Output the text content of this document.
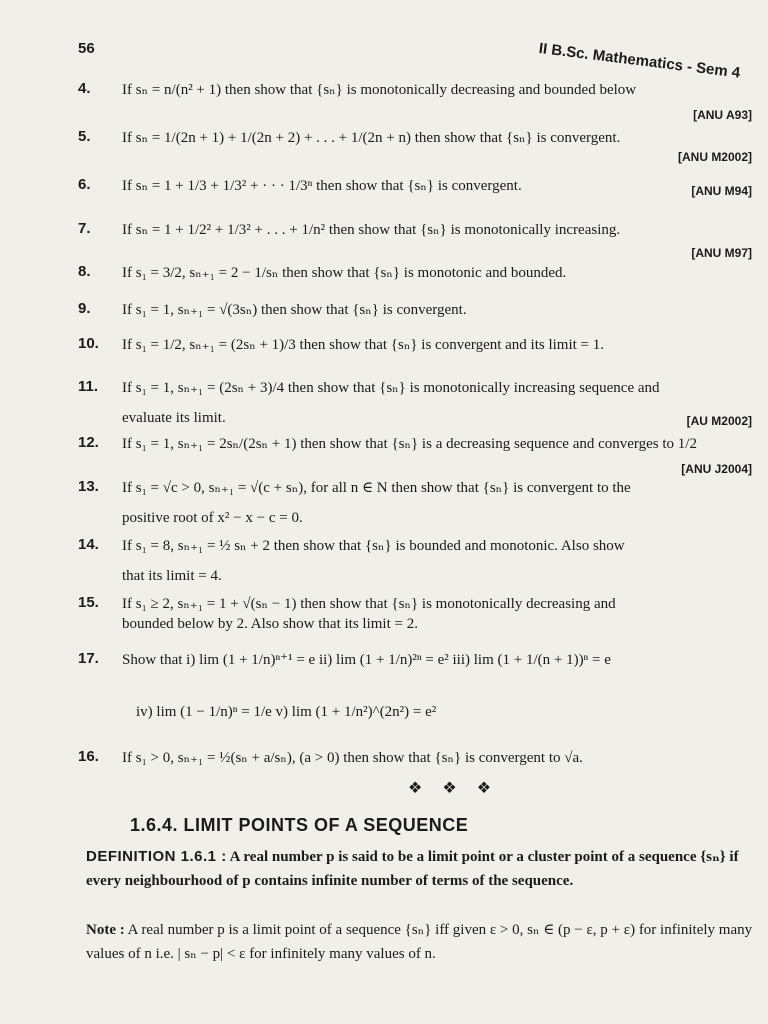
56	II B.Sc. Mathematics - Sem 4
4. If sₙ = n/(n² + 1) then show that {sₙ} is monotonically decreasing and bounded below
[ANU A93]
5. If sₙ = 1/(2n + 1) + 1/(2n + 2) + . . . + 1/(2n + n) then show that {sₙ} is convergent.
[ANU M2002]
6. If sₙ = 1 + 1/3 + 1/3² + · · · 1/3ⁿ then show that {sₙ} is convergent.	[ANU M94]
7. If sₙ = 1 + 1/2² + 1/3² + . . . + 1/n² then show that {sₙ} is monotonically increasing.
[ANU M97]
8. If s₁ = 3/2, sₙ₊₁ = 2 − 1/sₙ then show that {sₙ} is monotonic and bounded.
9. If s₁ = 1, sₙ₊₁ = √(3sₙ) then show that {sₙ} is convergent.
10. If s₁ = 1/2, sₙ₊₁ = (2sₙ + 1)/3 then show that {sₙ} is convergent and its limit = 1.
11. If s₁ = 1, sₙ₊₁ = (2sₙ + 3)/4 then show that {sₙ} is monotonically increasing sequence and
evaluate its limit.	[AU M2002]
12. If s₁ = 1, sₙ₊₁ = 2sₙ/(2sₙ + 1) then show that {sₙ} is a decreasing sequence and converges to 1/2
[ANU J2004]
13. If s₁ = √c > 0, sₙ₊₁ = √(c + sₙ), for all n ∈ N then show that {sₙ} is convergent to the
positive root of x² − x − c = 0.
14. If s₁ = 8, sₙ₊₁ = ½ sₙ + 2 then show that {sₙ} is bounded and monotonic. Also show
that its limit = 4.
15. If s₁ ≥ 2, sₙ₊₁ = 1 + √(sₙ − 1) then show that {sₙ} is monotonically decreasing and
bounded below by 2. Also show that its limit = 2.
17. Show that i) lim (1 + 1/n)ⁿ⁺¹ = e ii) lim (1 + 1/n)²ⁿ = e² iii) lim (1 + 1/(n + 1))ⁿ = e
iv) lim (1 − 1/n)ⁿ = 1/e v) lim (1 + 1/n²)^(2n²) = e²
16. If s₁ > 0, sₙ₊₁ = ½(sₙ + a/sₙ), (a > 0) then show that {sₙ} is convergent to √a.
❖ ❖ ❖
1.6.4. LIMIT POINTS OF A SEQUENCE
DEFINITION 1.6.1 : A real number p is said to be a limit point or a cluster point of a sequence {sₙ} if every neighbourhood of p contains infinite number of terms of the sequence.
Note : A real number p is a limit point of a sequence {sₙ} iff given ε > 0, sₙ ∈ (p − ε, p + ε) for infinitely many values of n i.e. | sₙ − p| < ε for infinitely many values of n.
